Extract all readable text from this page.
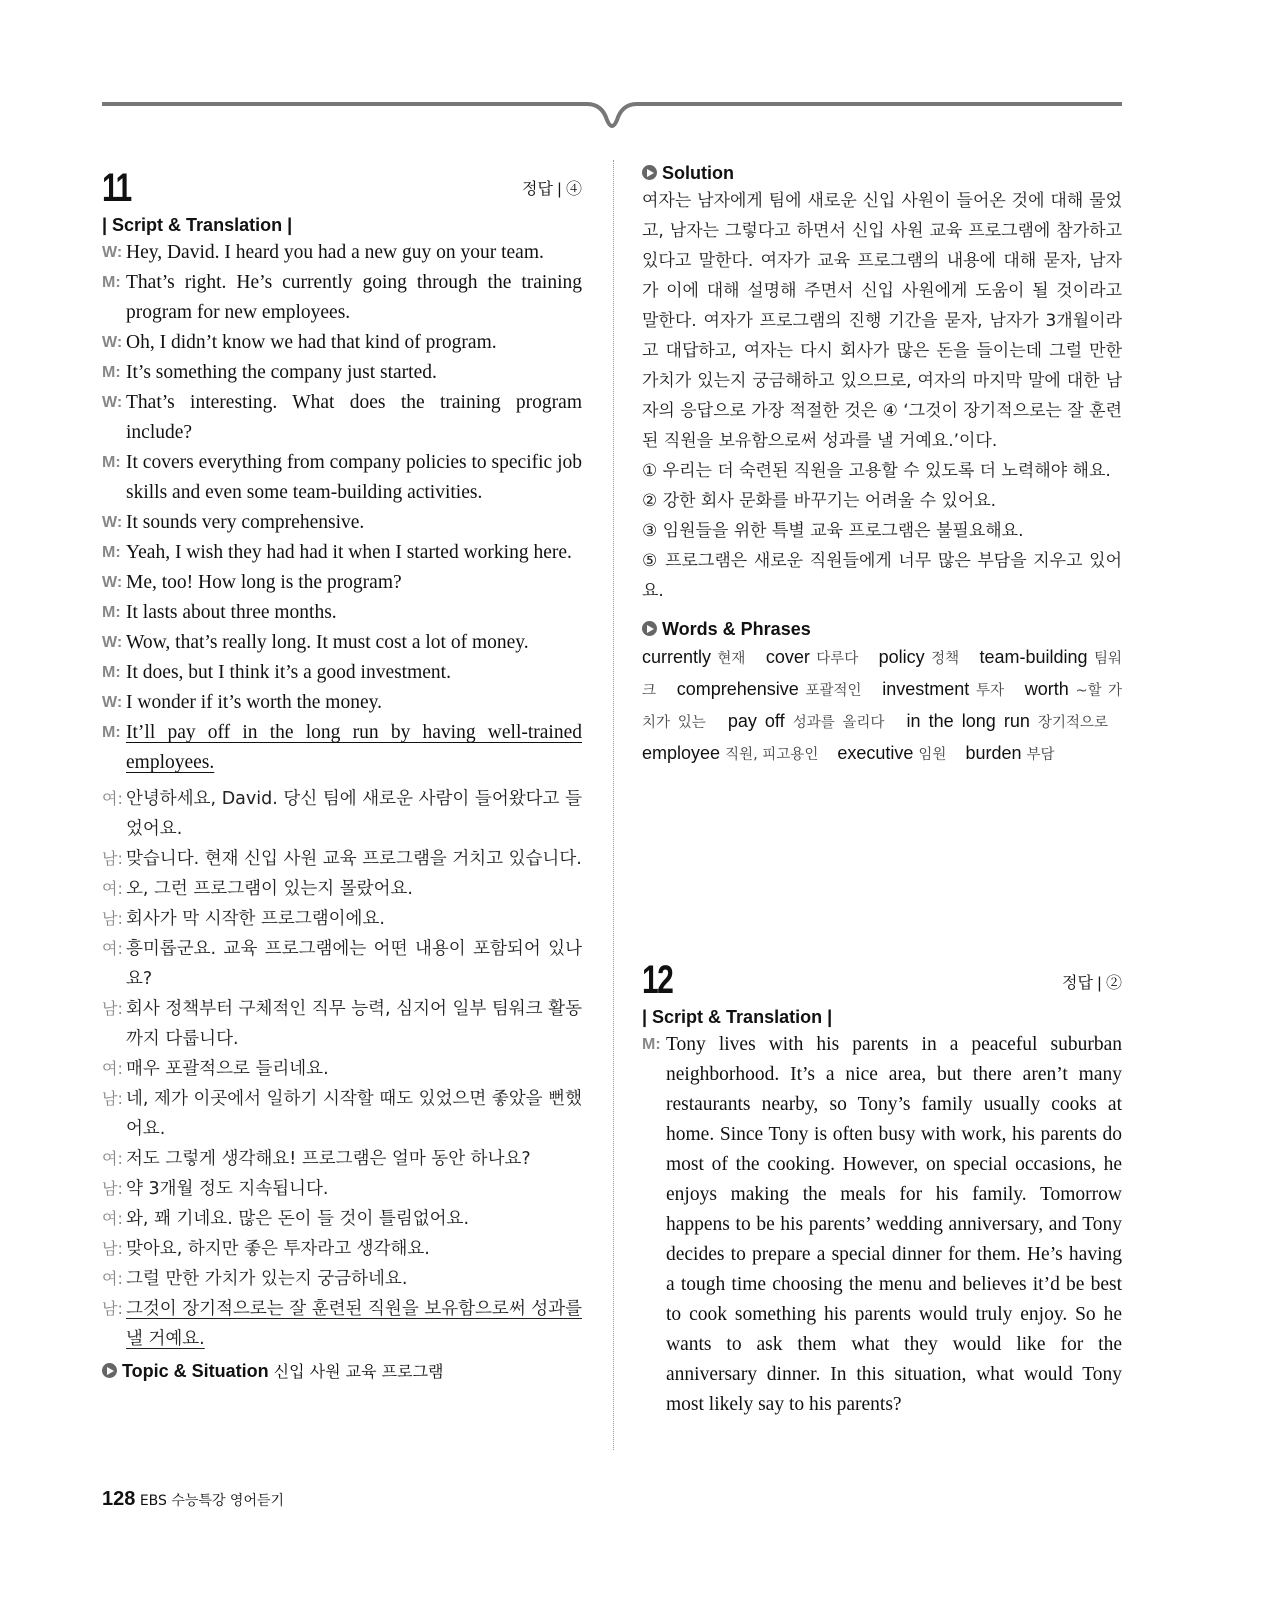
11	정답 | ④
| Script & Translation |
W: Hey, David. I heard you had a new guy on your team.
M: That’s right. He’s currently going through the training program for new employees.
W: Oh, I didn’t know we had that kind of program.
M: It’s something the company just started.
W: That’s interesting. What does the training program include?
M: It covers everything from company policies to specific job skills and even some team-building activities.
W: It sounds very comprehensive.
M: Yeah, I wish they had had it when I started working here.
W: Me, too! How long is the program?
M: It lasts about three months.
W: Wow, that’s really long. It must cost a lot of money.
M: It does, but I think it’s a good investment.
W: I wonder if it’s worth the money.
M: It’ll pay off in the long run by having well-trained employees.
여: 안녕하세요, David. 당신 팀에 새로운 사람이 들어왔다고 들었어요.
남: 맞습니다. 현재 신입 사원 교육 프로그램을 거치고 있습니다.
여: 오, 그런 프로그램이 있는지 몰랐어요.
남: 회사가 막 시작한 프로그램이에요.
여: 흥미롭군요. 교육 프로그램에는 어떤 내용이 포함되어 있나요?
남: 회사 정책부터 구체적인 직무 능력, 심지어 일부 팀워크 활동까지 다룹니다.
여: 매우 포괄적으로 들리네요.
남: 네, 제가 이곳에서 일하기 시작할 때도 있었으면 좋았을 뻔했어요.
여: 저도 그렇게 생각해요! 프로그램은 얼마 동안 하나요?
남: 약 3개월 정도 지속됩니다.
여: 와, 꽤 기네요. 많은 돈이 들 것이 틀림없어요.
남: 맞아요, 하지만 좋은 투자라고 생각해요.
여: 그럴 만한 가치가 있는지 궁금하네요.
남: 그것이 장기적으로는 잘 훈련된 직원을 보유함으로써 성과를 낼 거예요.
Topic & Situation 신입 사원 교육 프로그램
Solution
여자는 남자에게 팀에 새로운 신입 사원이 들어온 것에 대해 물었고, 남자는 그렇다고 하면서 신입 사원 교육 프로그램에 참가하고 있다고 말한다. 여자가 교육 프로그램의 내용에 대해 묻자, 남자가 이에 대해 설명해 주면서 신입 사원에게 도움이 될 것이라고 말한다. 여자가 프로그램의 진행 기간을 묻자, 남자가 3개월이라고 대답하고, 여자는 다시 회사가 많은 돈을 들이는데 그럴 만한 가치가 있는지 궁금해하고 있으므로, 여자의 마지막 말에 대한 남자의 응답으로 가장 적절한 것은 ④ ‘그것이 장기적으로는 잘 훈련된 직원을 보유함으로써 성과를 낼 거예요.’이다.
① 우리는 더 숙련된 직원을 고용할 수 있도록 더 노력해야 해요.
② 강한 회사 문화를 바꾸기는 어려울 수 있어요.
③ 임원들을 위한 특별 교육 프로그램은 불필요해요.
⑤ 프로그램은 새로운 직원들에게 너무 많은 부담을 지우고 있어요.
Words & Phrases
currently 현재 cover 다루다 policy 정책 team-building 팀워크 comprehensive 포괄적인 investment 투자 worth ~할 가치가 있는 pay off 성과를 올리다 in the long run 장기적으로 employee 직원, 피고용인 executive 임원 burden 부담
12	정답 | ②
| Script & Translation |
M: Tony lives with his parents in a peaceful suburban neighborhood. It’s a nice area, but there aren’t many restaurants nearby, so Tony’s family usually cooks at home. Since Tony is often busy with work, his parents do most of the cooking. However, on special occasions, he enjoys making the meals for his family. Tomorrow happens to be his parents’ wedding anniversary, and Tony decides to prepare a special dinner for them. He’s having a tough time choosing the menu and believes it’d be best to cook something his parents would truly enjoy. So he wants to ask them what they would like for the anniversary dinner. In this situation, what would Tony most likely say to his parents?
128 EBS 수능특강 영어듣기
